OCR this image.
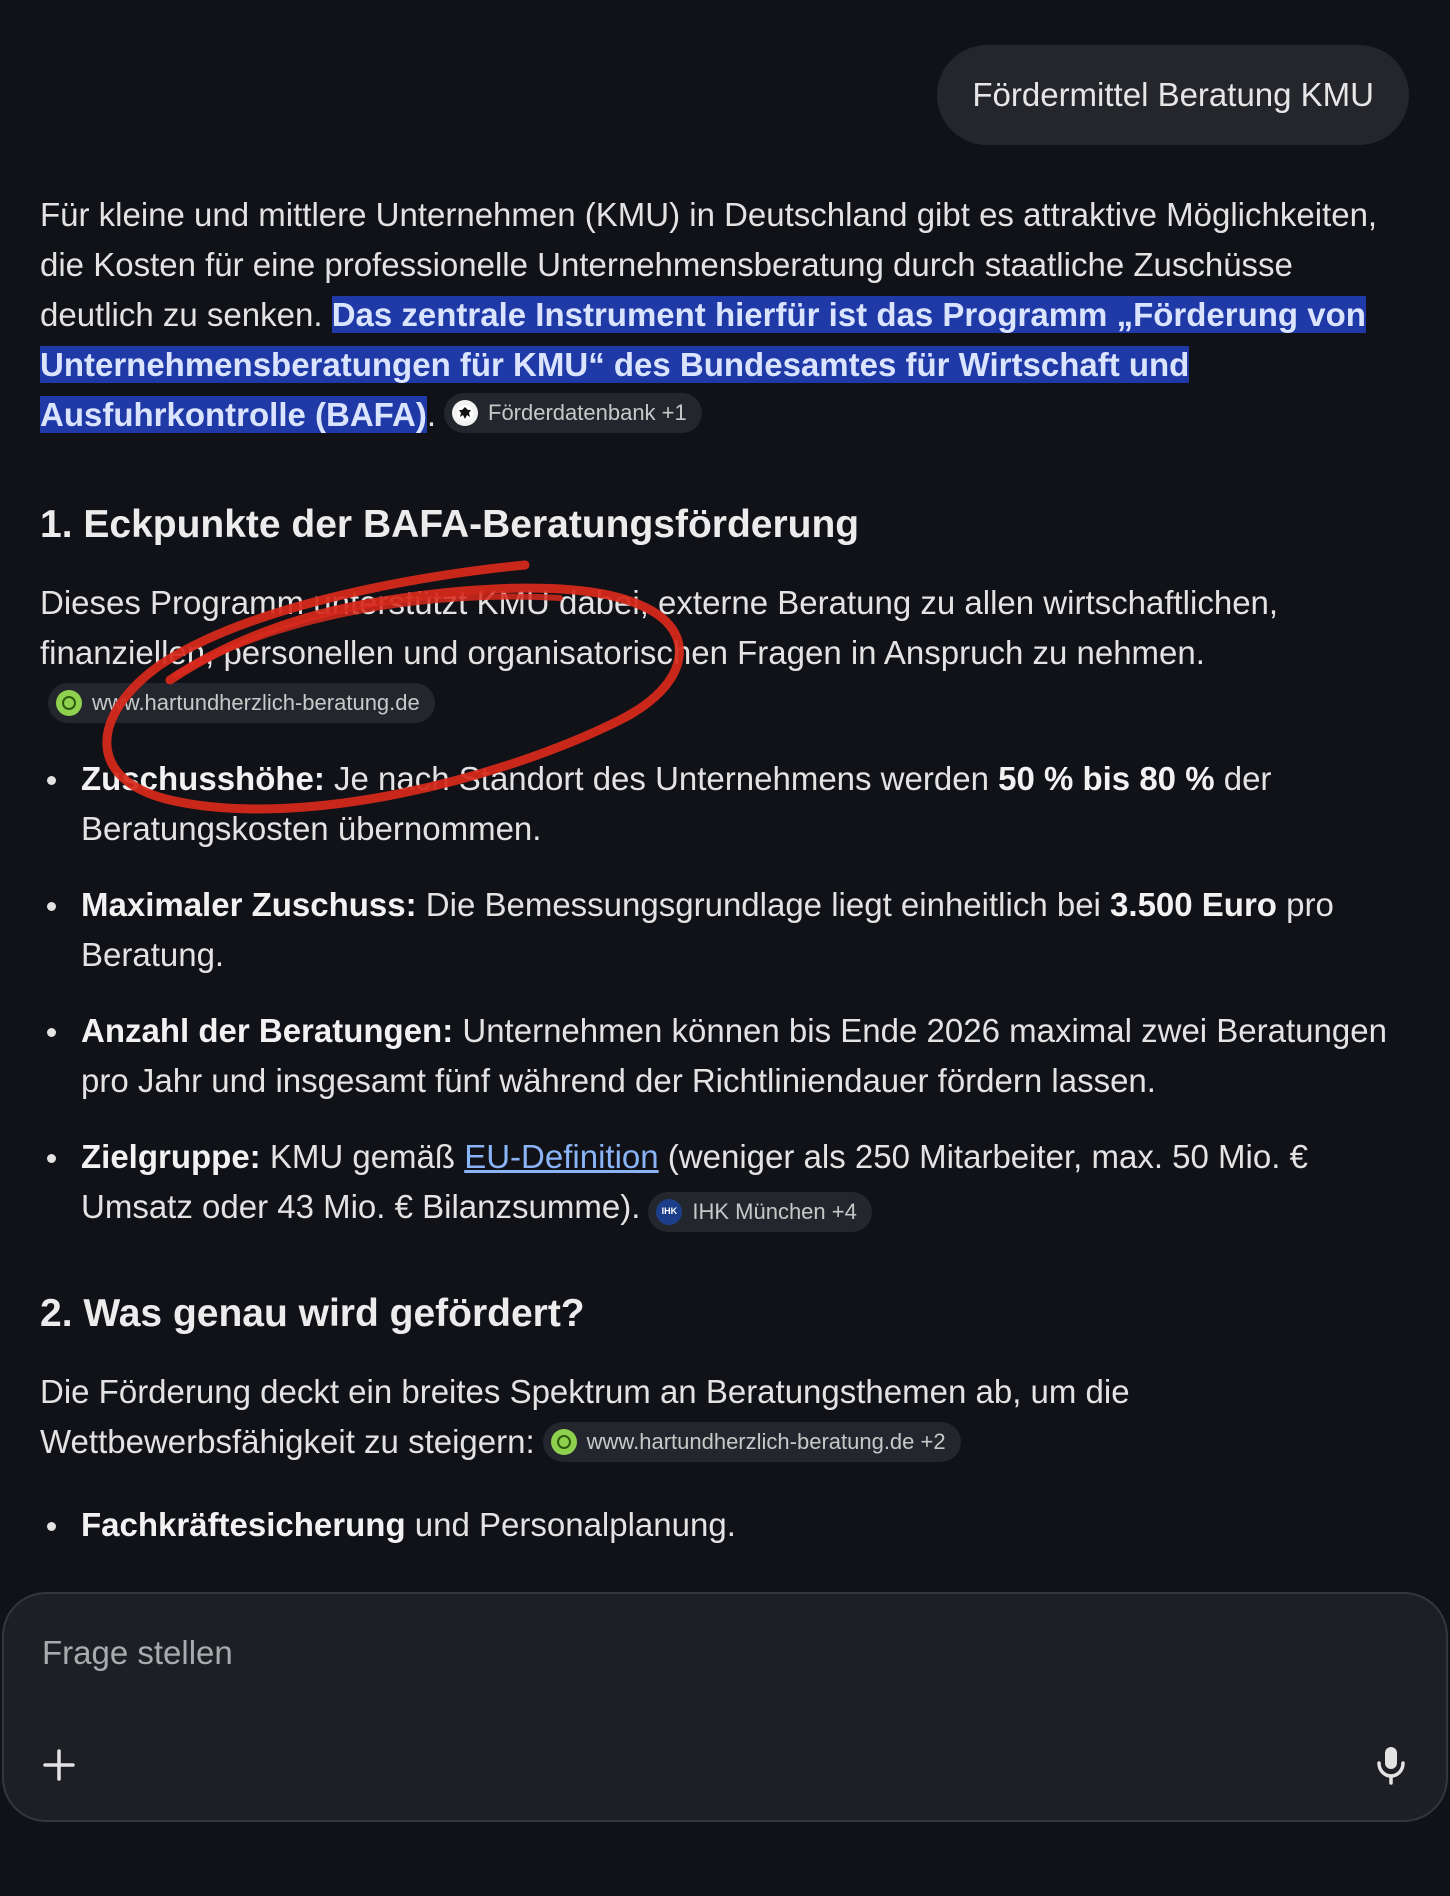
Fördermittel Beratung KMU

Für kleine und mittlere Unternehmen (KMU) in Deutschland gibt es attraktive Möglichkeiten, die Kosten für eine professionelle Unternehmensberatung durch staatliche Zuschüsse deutlich zu senken. Das zentrale Instrument hierfür ist das Programm „Förderung von Unternehmensberatungen für KMU“ des Bundesamtes für Wirtschaft und Ausfuhrkontrolle (BAFA). Förderdatenbank +1

1. Eckpunkte der BAFA-Beratungsförderung

Dieses Programm unterstützt KMU dabei, externe Beratung zu allen wirtschaftlichen, finanziellen, personellen und organisatorischen Fragen in Anspruch zu nehmen.
www.hartundherzlich-beratung.de

Zuschusshöhe: Je nach Standort des Unternehmens werden 50 % bis 80 % der Beratungskosten übernommen.
Maximaler Zuschuss: Die Bemessungsgrundlage liegt einheitlich bei 3.500 Euro pro Beratung.
Anzahl der Beratungen: Unternehmen können bis Ende 2026 maximal zwei Beratungen pro Jahr und insgesamt fünf während der Richtliniendauer fördern lassen.
Zielgruppe: KMU gemäß EU-Definition (weniger als 250 Mitarbeiter, max. 50 Mio. € Umsatz oder 43 Mio. € Bilanzsumme).	IHK IHK München +4
2. Was genau wird gefördert?

Die Förderung deckt ein breites Spektrum an Beratungsthemen ab, um die Wettbewerbsfähigkeit zu steigern: www.hartundherzlich-beratung.de +2

Fachkräftesicherung und Personalplanung.
Frage stellen
